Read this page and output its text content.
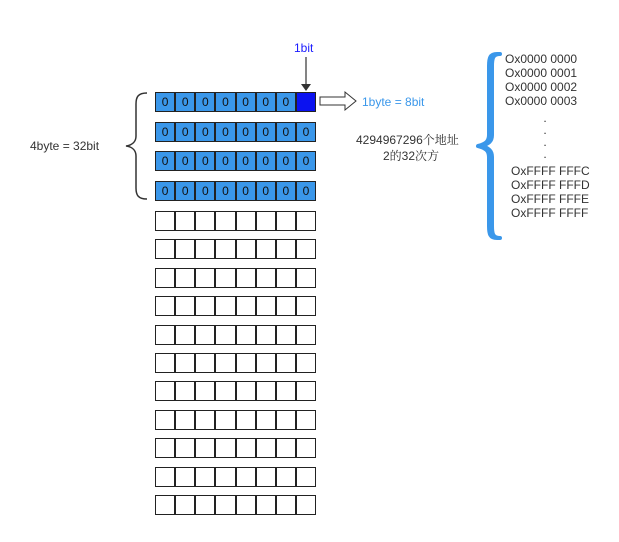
1bit
1byte = 8bit
4byte = 32bit	4294967296个地址
2的32次方
0	0	0	0	0	0	0
0	0	0	0	0	0	0	0
0	0	0	0	0	0	0	0
0	0	0	0	0	0	0	0
Ox0000 0000
Ox0000 0001
Ox0000 0002
Ox0000 0003
.
.
.
.
OxFFFF FFFC
OxFFFF FFFD
OxFFFF FFFE
OxFFFF FFFF
